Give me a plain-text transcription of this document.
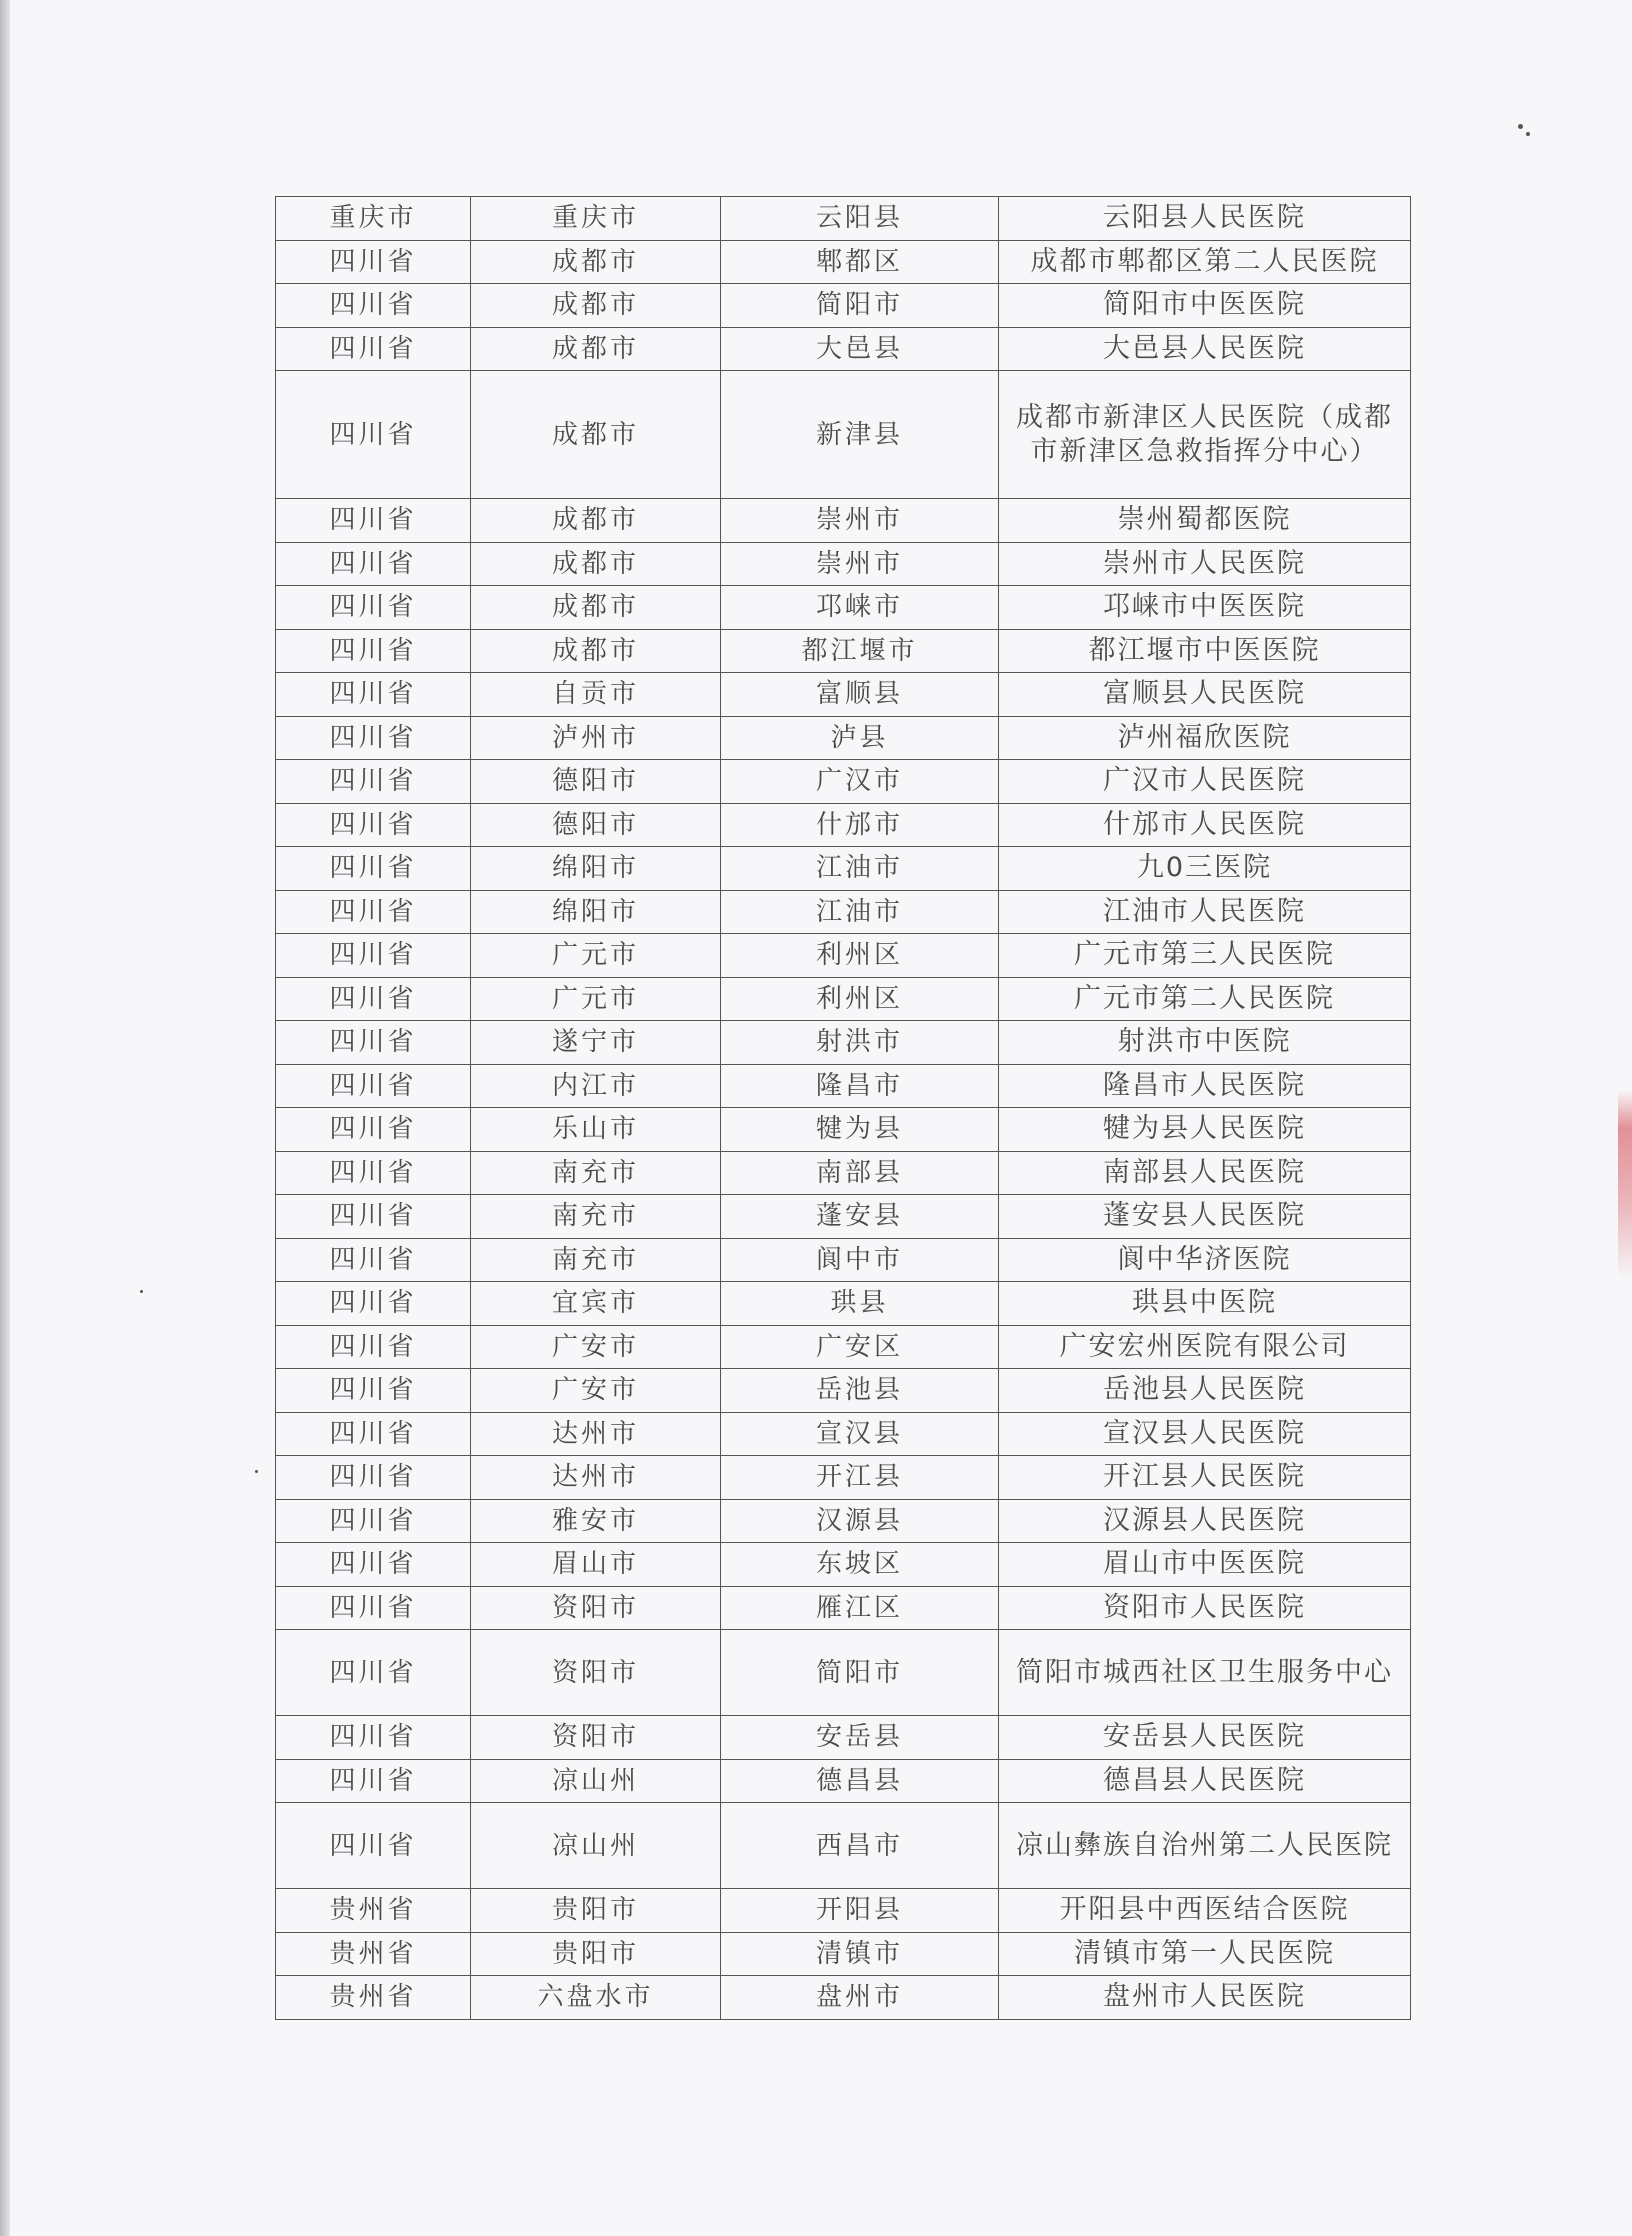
重庆市	重庆市	云阳县	云阳县人民医院
四川省	成都市	郫都区	成都市郫都区第二人民医院
四川省	成都市	简阳市	简阳市中医医院
四川省	成都市	大邑县	大邑县人民医院
四川省	成都市	新津县	成都市新津区人民医院（成都市新津区急救指挥分中心）
四川省	成都市	崇州市	崇州蜀都医院
四川省	成都市	崇州市	崇州市人民医院
四川省	成都市	邛崃市	邛崃市中医医院
四川省	成都市	都江堰市	都江堰市中医医院
四川省	自贡市	富顺县	富顺县人民医院
四川省	泸州市	泸县	泸州福欣医院
四川省	德阳市	广汉市	广汉市人民医院
四川省	德阳市	什邡市	什邡市人民医院
四川省	绵阳市	江油市	九0三医院
四川省	绵阳市	江油市	江油市人民医院
四川省	广元市	利州区	广元市第三人民医院
四川省	广元市	利州区	广元市第二人民医院
四川省	遂宁市	射洪市	射洪市中医院
四川省	内江市	隆昌市	隆昌市人民医院
四川省	乐山市	犍为县	犍为县人民医院
四川省	南充市	南部县	南部县人民医院
四川省	南充市	蓬安县	蓬安县人民医院
四川省	南充市	阆中市	阆中华济医院
四川省	宜宾市	珙县	珙县中医院
四川省	广安市	广安区	广安宏州医院有限公司
四川省	广安市	岳池县	岳池县人民医院
四川省	达州市	宣汉县	宣汉县人民医院
四川省	达州市	开江县	开江县人民医院
四川省	雅安市	汉源县	汉源县人民医院
四川省	眉山市	东坡区	眉山市中医医院
四川省	资阳市	雁江区	资阳市人民医院
四川省	资阳市	简阳市	简阳市城西社区卫生服务中心
四川省	资阳市	安岳县	安岳县人民医院
四川省	凉山州	德昌县	德昌县人民医院
四川省	凉山州	西昌市	凉山彝族自治州第二人民医院
贵州省	贵阳市	开阳县	开阳县中西医结合医院
贵州省	贵阳市	清镇市	清镇市第一人民医院
贵州省	六盘水市	盘州市	盘州市人民医院
